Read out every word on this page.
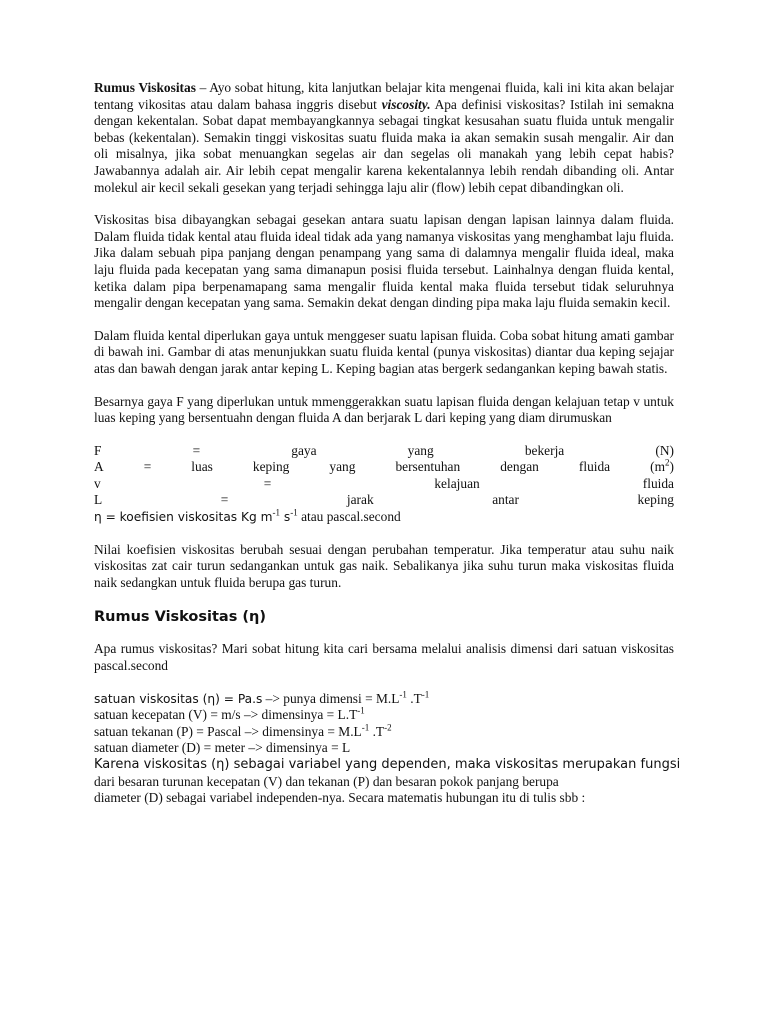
Rumus Viskositas – Ayo sobat hitung, kita lanjutkan belajar kita mengenai fluida, kali ini kita akan belajar tentang vikositas atau dalam bahasa inggris disebut viscosity. Apa definisi viskositas? Istilah ini semakna dengan kekentalan. Sobat dapat membayangkannya sebagai tingkat kesusahan suatu fluida untuk mengalir bebas (kekentalan). Semakin tinggi viskositas suatu fluida maka ia akan semakin susah mengalir. Air dan oli misalnya, jika sobat menuangkan segelas air dan segelas oli manakah yang lebih cepat habis? Jawabannya adalah air. Air lebih cepat mengalir karena kekentalannya lebih rendah dibanding oli. Antar molekul air kecil sekali gesekan yang terjadi sehingga laju alir (flow) lebih cepat dibandingkan oli.

Viskositas bisa dibayangkan sebagai gesekan antara suatu lapisan dengan lapisan lainnya dalam fluida. Dalam fluida tidak kental atau fluida ideal tidak ada yang namanya viskositas yang menghambat laju fluida. Jika dalam sebuah pipa panjang dengan penampang yang sama di dalamnya mengalir fluida ideal, maka laju fluida pada kecepatan yang sama dimanapun posisi fluida tersebut. Lainhalnya dengan fluida kental, ketika dalam pipa berpenamapang sama mengalir fluida kental maka fluida tersebut tidak seluruhnya mengalir dengan kecepatan yang sama. Semakin dekat dengan dinding pipa maka laju fluida semakin kecil.

Dalam fluida kental diperlukan gaya untuk menggeser suatu lapisan fluida. Coba sobat hitung amati gambar di bawah ini. Gambar di atas menunjukkan suatu fluida kental (punya viskositas) diantar dua keping sejajar atas dan bawah dengan jarak antar keping L. Keping bagian atas bergerk sedangankan keping bawah statis.

Besarnya gaya F yang diperlukan untuk mmenggerakkan suatu lapisan fluida dengan kelajuan tetap v untuk luas keping yang bersentuahn dengan fluida A dan berjarak L dari keping yang diam dirumuskan

F	=	gaya	yang	bekerja	(N)
A	=	luas	keping	yang	bersentuhan	dengan	fluida	$(m^2)$
v	=	kelajuan	fluida
L	=	jarak	antar	keping

η = koefisien viskositas Kg $m^{-1}$ $s^{-1}$ atau pascal.second

Nilai koefisien viskositas berubah sesuai dengan perubahan temperatur. Jika temperatur atau suhu naik viskositas zat cair turun sedangankan untuk gas naik. Sebalikanya jika suhu turun maka viskositas fluida naik sedangkan untuk fluida berupa gas turun.

Rumus Viskositas (η)

Apa rumus viskositas? Mari sobat hitung kita cari bersama melalui analisis dimensi dari satuan viskositas pascal.second

satuan viskositas (η) = Pa.s –> punya dimensi = $M.L^{-1}$ $.T^{-1}$

satuan kecepatan (V) = m/s –> dimensinya = $L.T^{-1}$

satuan tekanan (P) = Pascal –> dimensinya = $M.L^{-1}$ $.T^{-2}$

satuan diameter (D) = meter –> dimensinya = L

Karena viskositas (η) sebagai variabel yang dependen, maka viskositas merupakan fungsi

dari besaran turunan kecepatan (V) dan tekanan (P) dan besaran pokok panjang berupa

diameter (D) sebagai variabel independen-nya. Secara matematis hubungan itu di tulis sbb :
